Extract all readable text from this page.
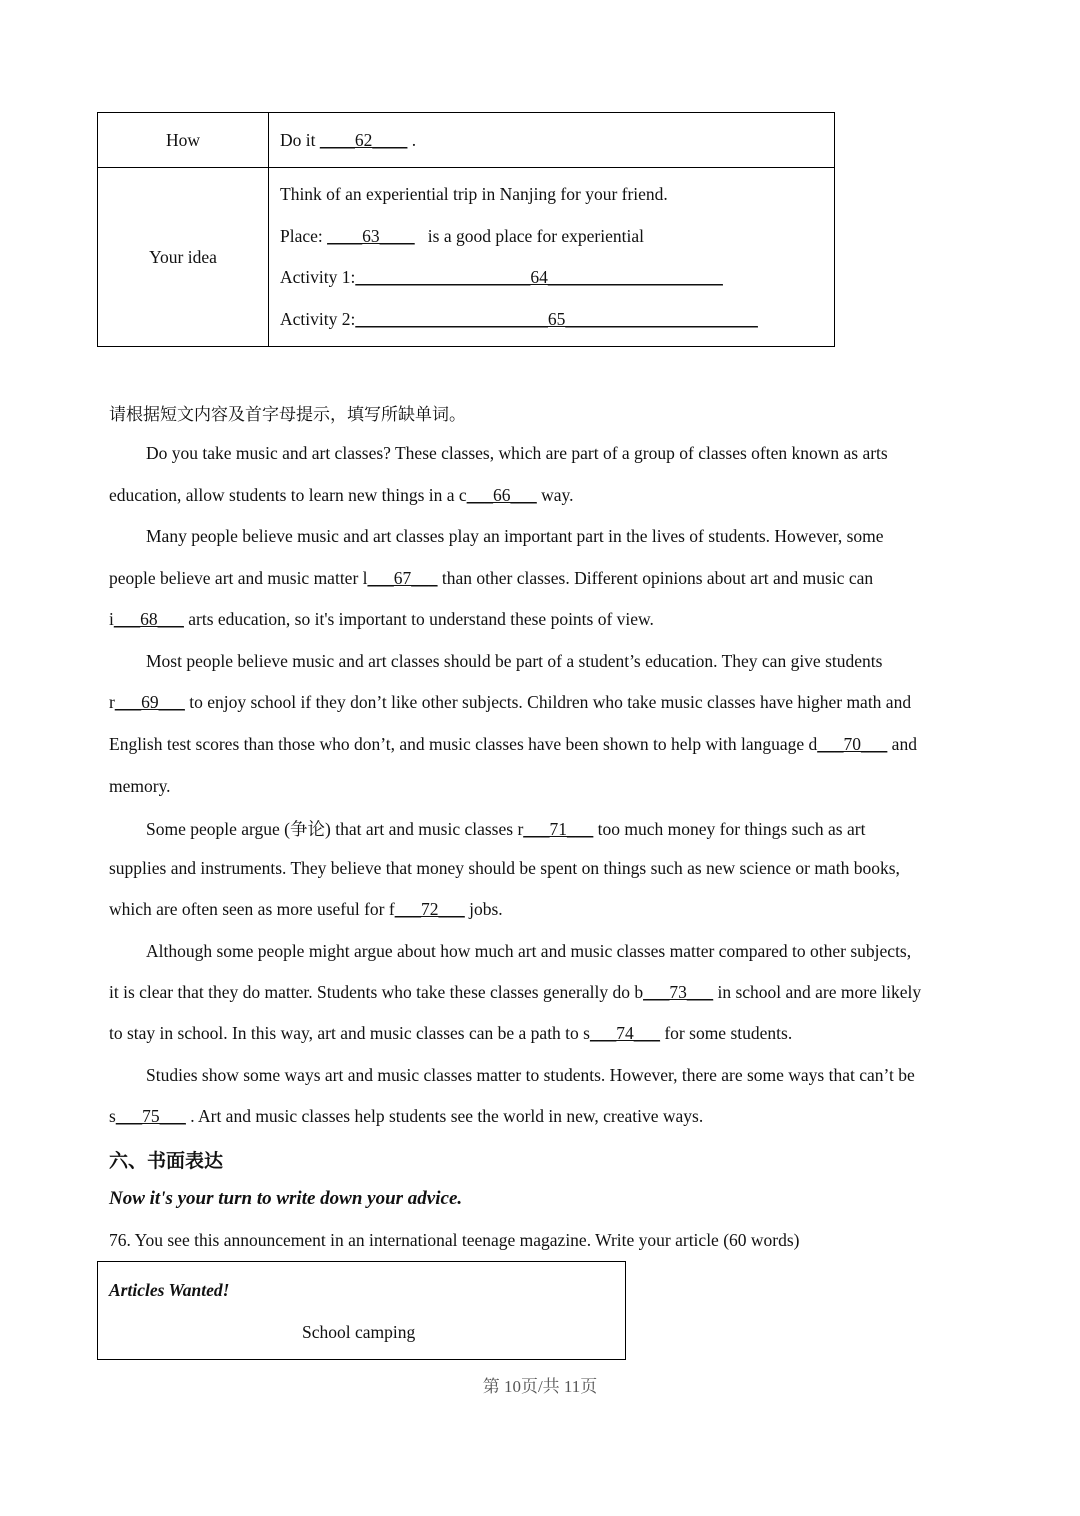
How	Do it ____62____ .
Your idea	Think of an experiential trip in Nanjing for your friend.
Place: ____63____   is a good place for experiential
Activity 1:____________________64____________________
Activity 2:______________________65______________________
请根据短文内容及首字母提示，填写所缺单词。
Do you take music and art classes? These classes, which are part of a group of classes often known as arts
education, allow students to learn new things in a c___66___ way.
Many people believe music and art classes play an important part in the lives of students. However, some
people believe art and music matter l___67___ than other classes. Different opinions about art and music can
i___68___ arts education, so it's important to understand these points of view.
Most people believe music and art classes should be part of a student’s education. They can give students
r___69___ to enjoy school if they don’t like other subjects. Children who take music classes have higher math and
English test scores than those who don’t, and music classes have been shown to help with language d___70___ and
memory.
Some people argue (争论) that art and music classes r___71___ too much money for things such as art
supplies and instruments. They believe that money should be spent on things such as new science or math books,
which are often seen as more useful for f___72___ jobs.
Although some people might argue about how much art and music classes matter compared to other subjects,
it is clear that they do matter. Students who take these classes generally do b___73___ in school and are more likely
to stay in school. In this way, art and music classes can be a path to s___74___ for some students.
Studies show some ways art and music classes matter to students. However, there are some ways that can’t be
s___75___ . Art and music classes help students see the world in new, creative ways.
六、书面表达
Now it's your turn to write down your advice.
76. You see this announcement in an international teenage magazine. Write your article (60 words)
Articles Wanted!
School camping
第 10页/共 11页
